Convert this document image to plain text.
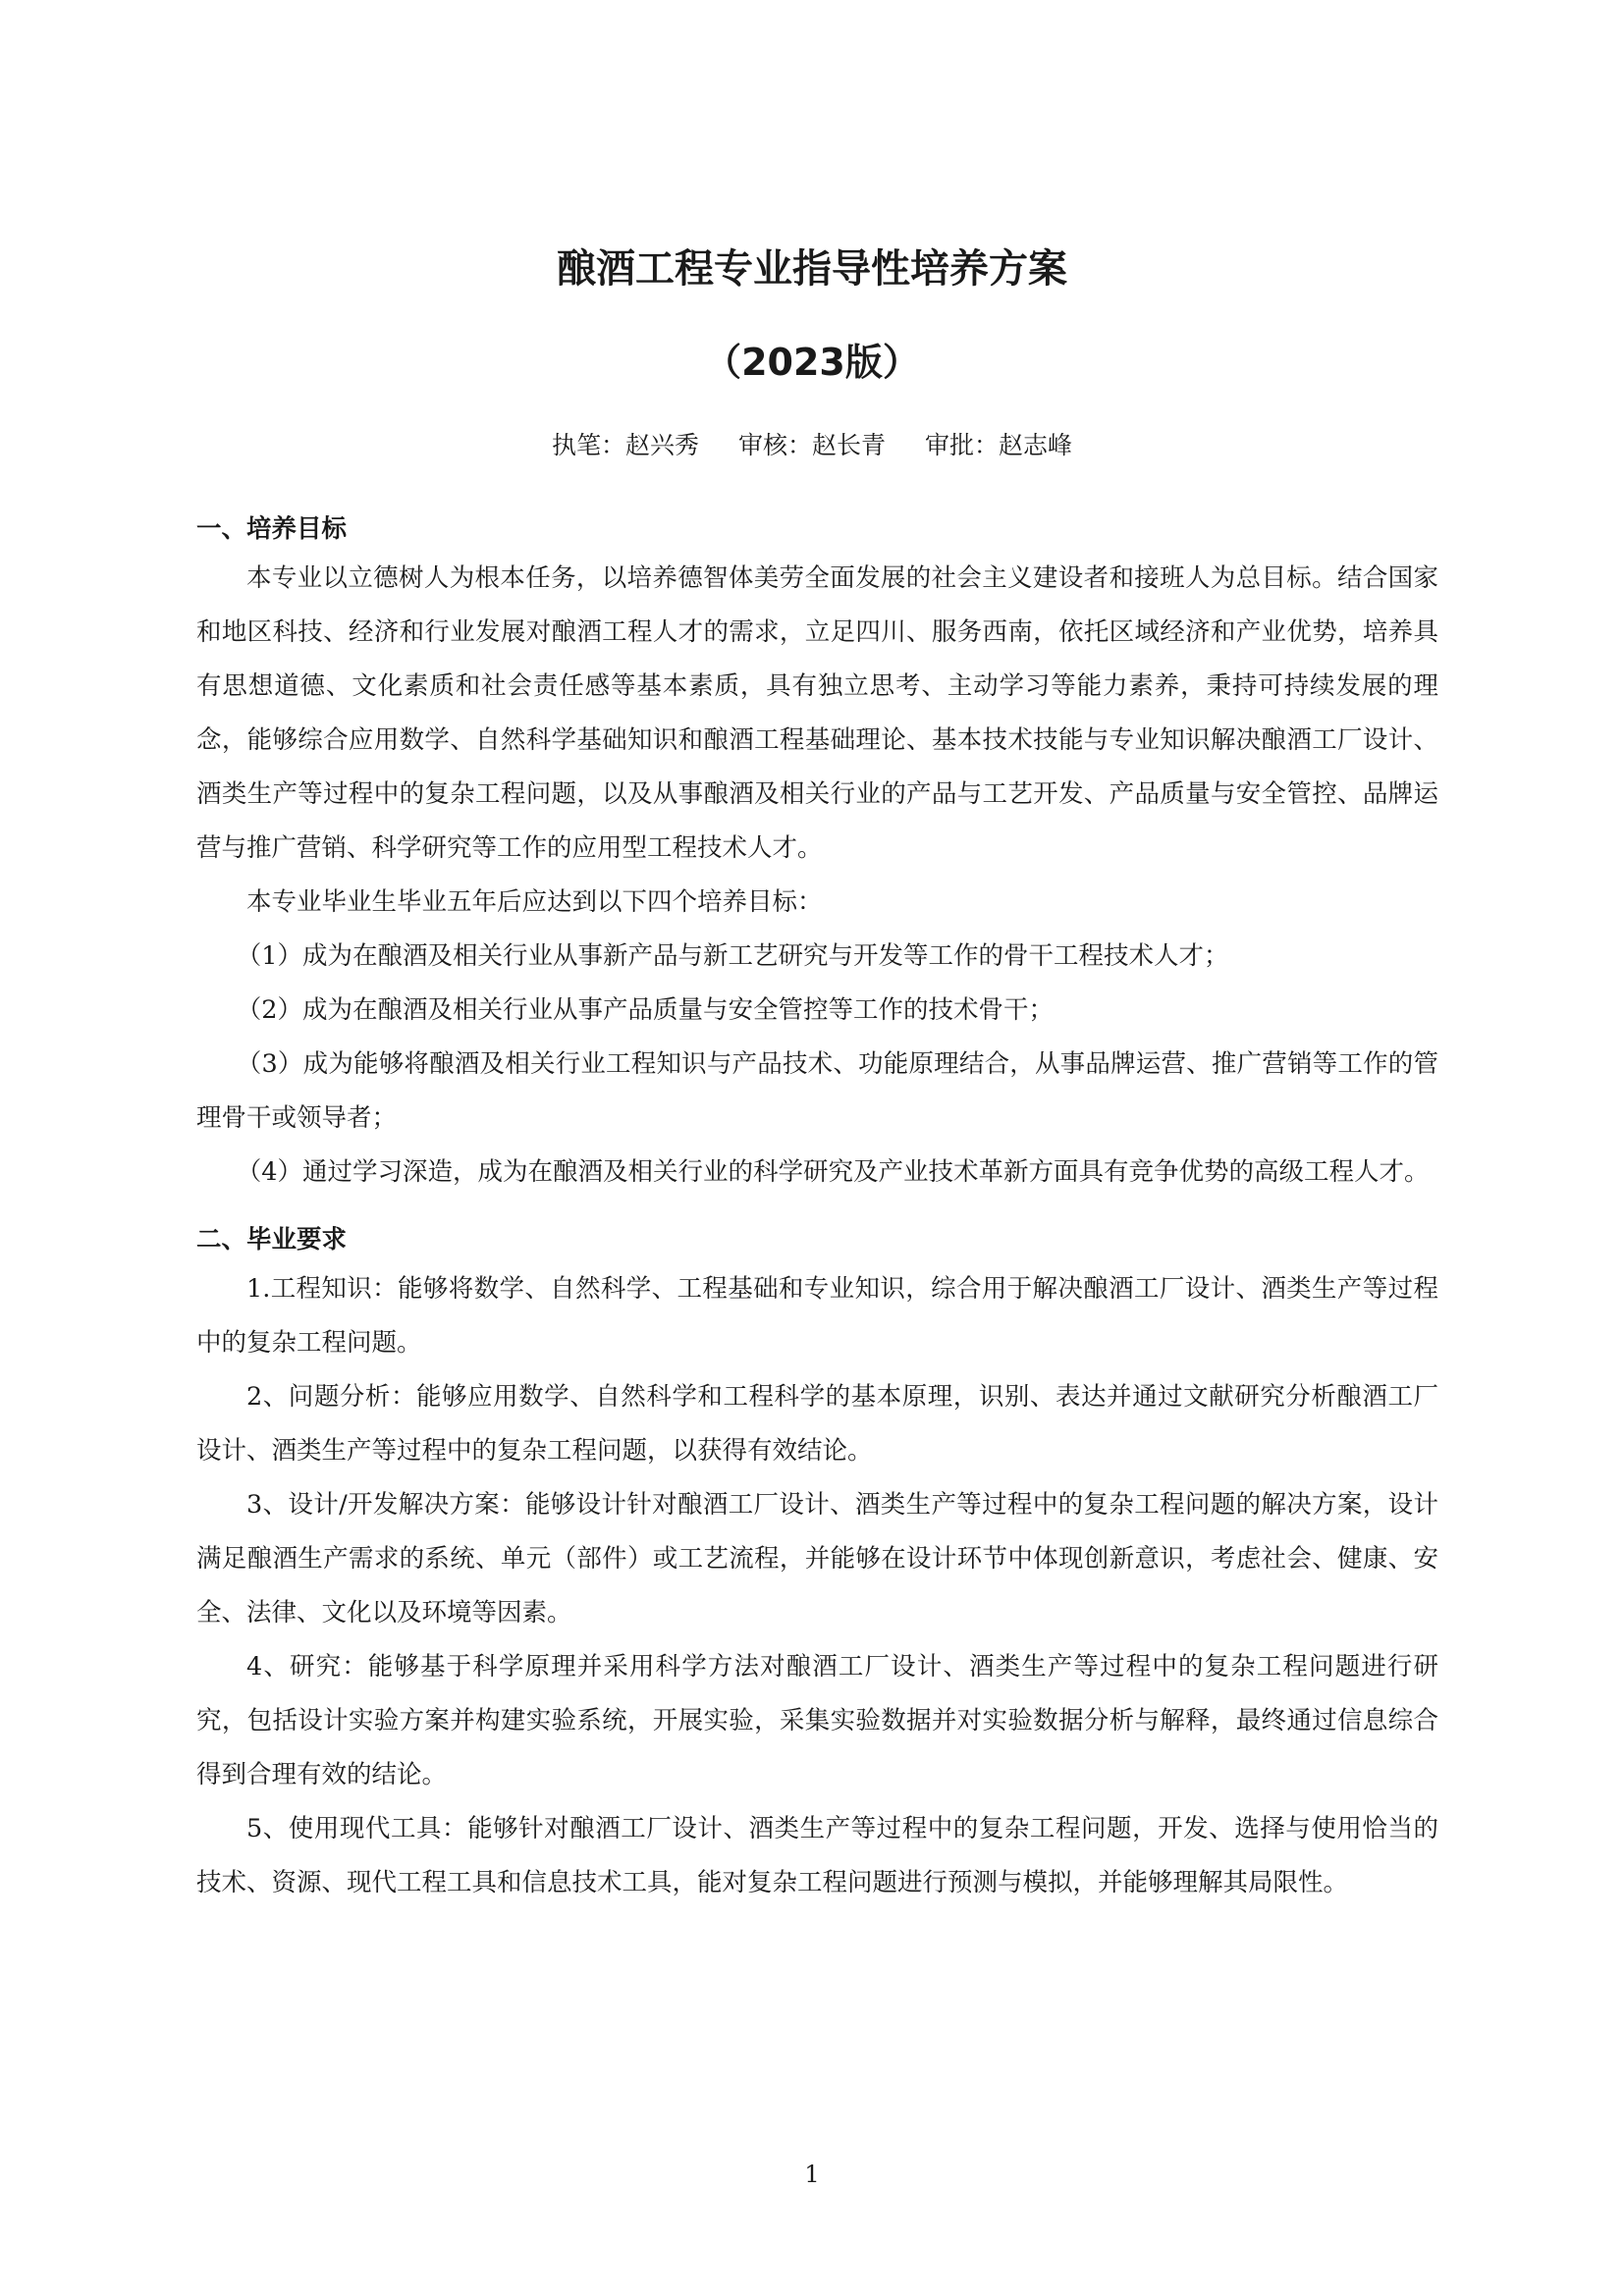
酿酒工程专业指导性培养方案
（2023版）
执笔：赵兴秀 审核：赵长青 审批：赵志峰

一、培养目标

本专业以立德树人为根本任务，以培养德智体美劳全面发展的社会主义建设者和接班人为总目标。结合国家和地区科技、经济和行业发展对酿酒工程人才的需求，立足四川、服务西南，依托区域经济和产业优势，培养具有思想道德、文化素质和社会责任感等基本素质，具有独立思考、主动学习等能力素养，秉持可持续发展的理念，能够综合应用数学、自然科学基础知识和酿酒工程基础理论、基本技术技能与专业知识解决酿酒工厂设计、酒类生产等过程中的复杂工程问题，以及从事酿酒及相关行业的产品与工艺开发、产品质量与安全管控、品牌运营与推广营销、科学研究等工作的应用型工程技术人才。

本专业毕业生毕业五年后应达到以下四个培养目标：

（1）成为在酿酒及相关行业从事新产品与新工艺研究与开发等工作的骨干工程技术人才；

（2）成为在酿酒及相关行业从事产品质量与安全管控等工作的技术骨干；

（3）成为能够将酿酒及相关行业工程知识与产品技术、功能原理结合，从事品牌运营、推广营销等工作的管理骨干或领导者；

（4）通过学习深造，成为在酿酒及相关行业的科学研究及产业技术革新方面具有竞争优势的高级工程人才。

二、毕业要求

1.工程知识：能够将数学、自然科学、工程基础和专业知识，综合用于解决酿酒工厂设计、酒类生产等过程中的复杂工程问题。

2、问题分析：能够应用数学、自然科学和工程科学的基本原理，识别、表达并通过文献研究分析酿酒工厂设计、酒类生产等过程中的复杂工程问题，以获得有效结论。

3、设计/开发解决方案：能够设计针对酿酒工厂设计、酒类生产等过程中的复杂工程问题的解决方案，设计满足酿酒生产需求的系统、单元（部件）或工艺流程，并能够在设计环节中体现创新意识，考虑社会、健康、安全、法律、文化以及环境等因素。

4、研究：能够基于科学原理并采用科学方法对酿酒工厂设计、酒类生产等过程中的复杂工程问题进行研究，包括设计实验方案并构建实验系统，开展实验，采集实验数据并对实验数据分析与解释，最终通过信息综合得到合理有效的结论。

5、使用现代工具：能够针对酿酒工厂设计、酒类生产等过程中的复杂工程问题，开发、选择与使用恰当的技术、资源、现代工程工具和信息技术工具，能对复杂工程问题进行预测与模拟，并能够理解其局限性。

1
